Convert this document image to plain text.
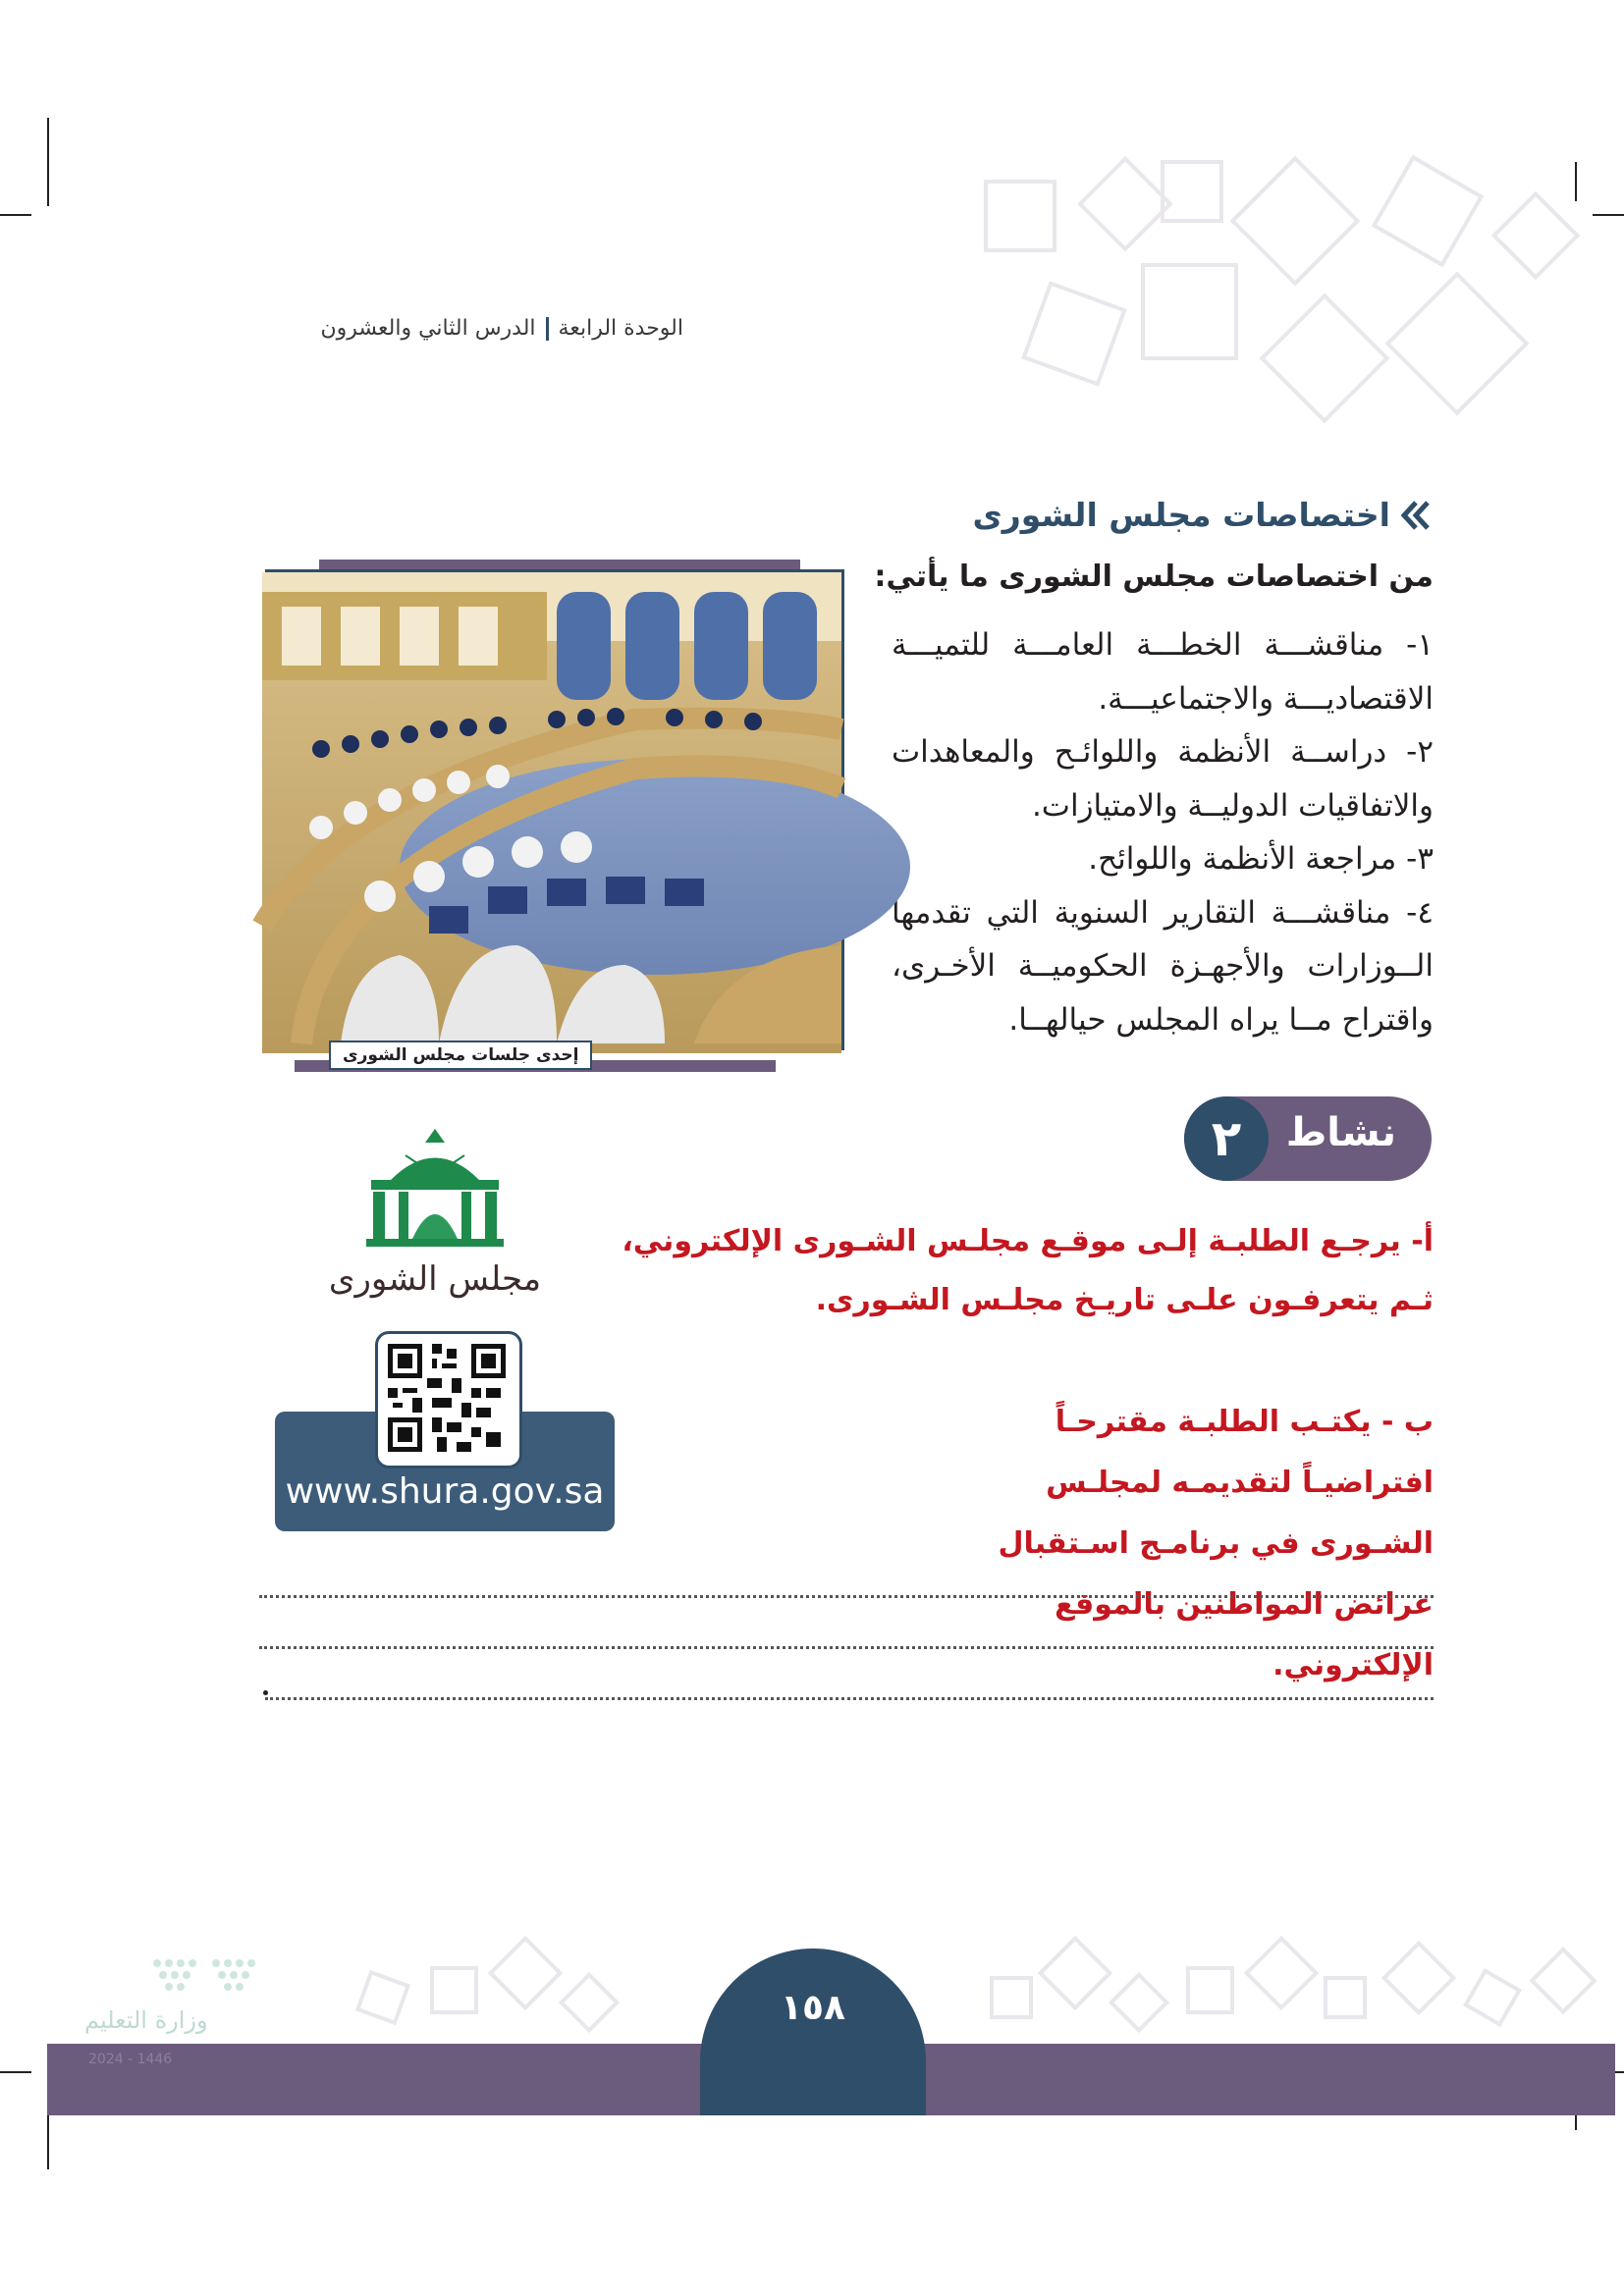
الوحدة الرابعة
الدرس الثاني والعشرون
اختصاصات مجلس الشورى
من اختصاصات مجلس الشورى ما يأتي:

١- مناقشـــة الخطـــة العامـــة للتميـــة الاقتصاديـــة والاجتماعيـــة.

٢- دراســة الأنظمة واللوائـح والمعاهدات والاتفاقيات الدوليــة والامتيازات.

٣- مراجعة الأنظمة واللوائح.

٤- مناقشـــة التقارير السنوية التي تقدمها الــوزارات والأجهـزة الحكوميــة الأخـرى، واقتراح مــا يراه المجلس حيالهــا.

إحدى جلسات مجلس الشورى
نشاط
٢

أ- يرجـع الطلبـة إلـى موقـع مجلـس الشـورى الإلكتروني، ثـم يتعرفـون علـى تاريـخ مجلـس الشـورى.

ب - يكتـب الطلبـة مقترحـاً افتراضيـاً لتقديمـه لمجلـس الشـورى في برنامـج اسـتقبال عرائض المواطنين بالموقع الإلكتروني.

مجلس الشورى
www.shura.gov.sa
١٥٨
وزارة التعليم
2024 - 1446
